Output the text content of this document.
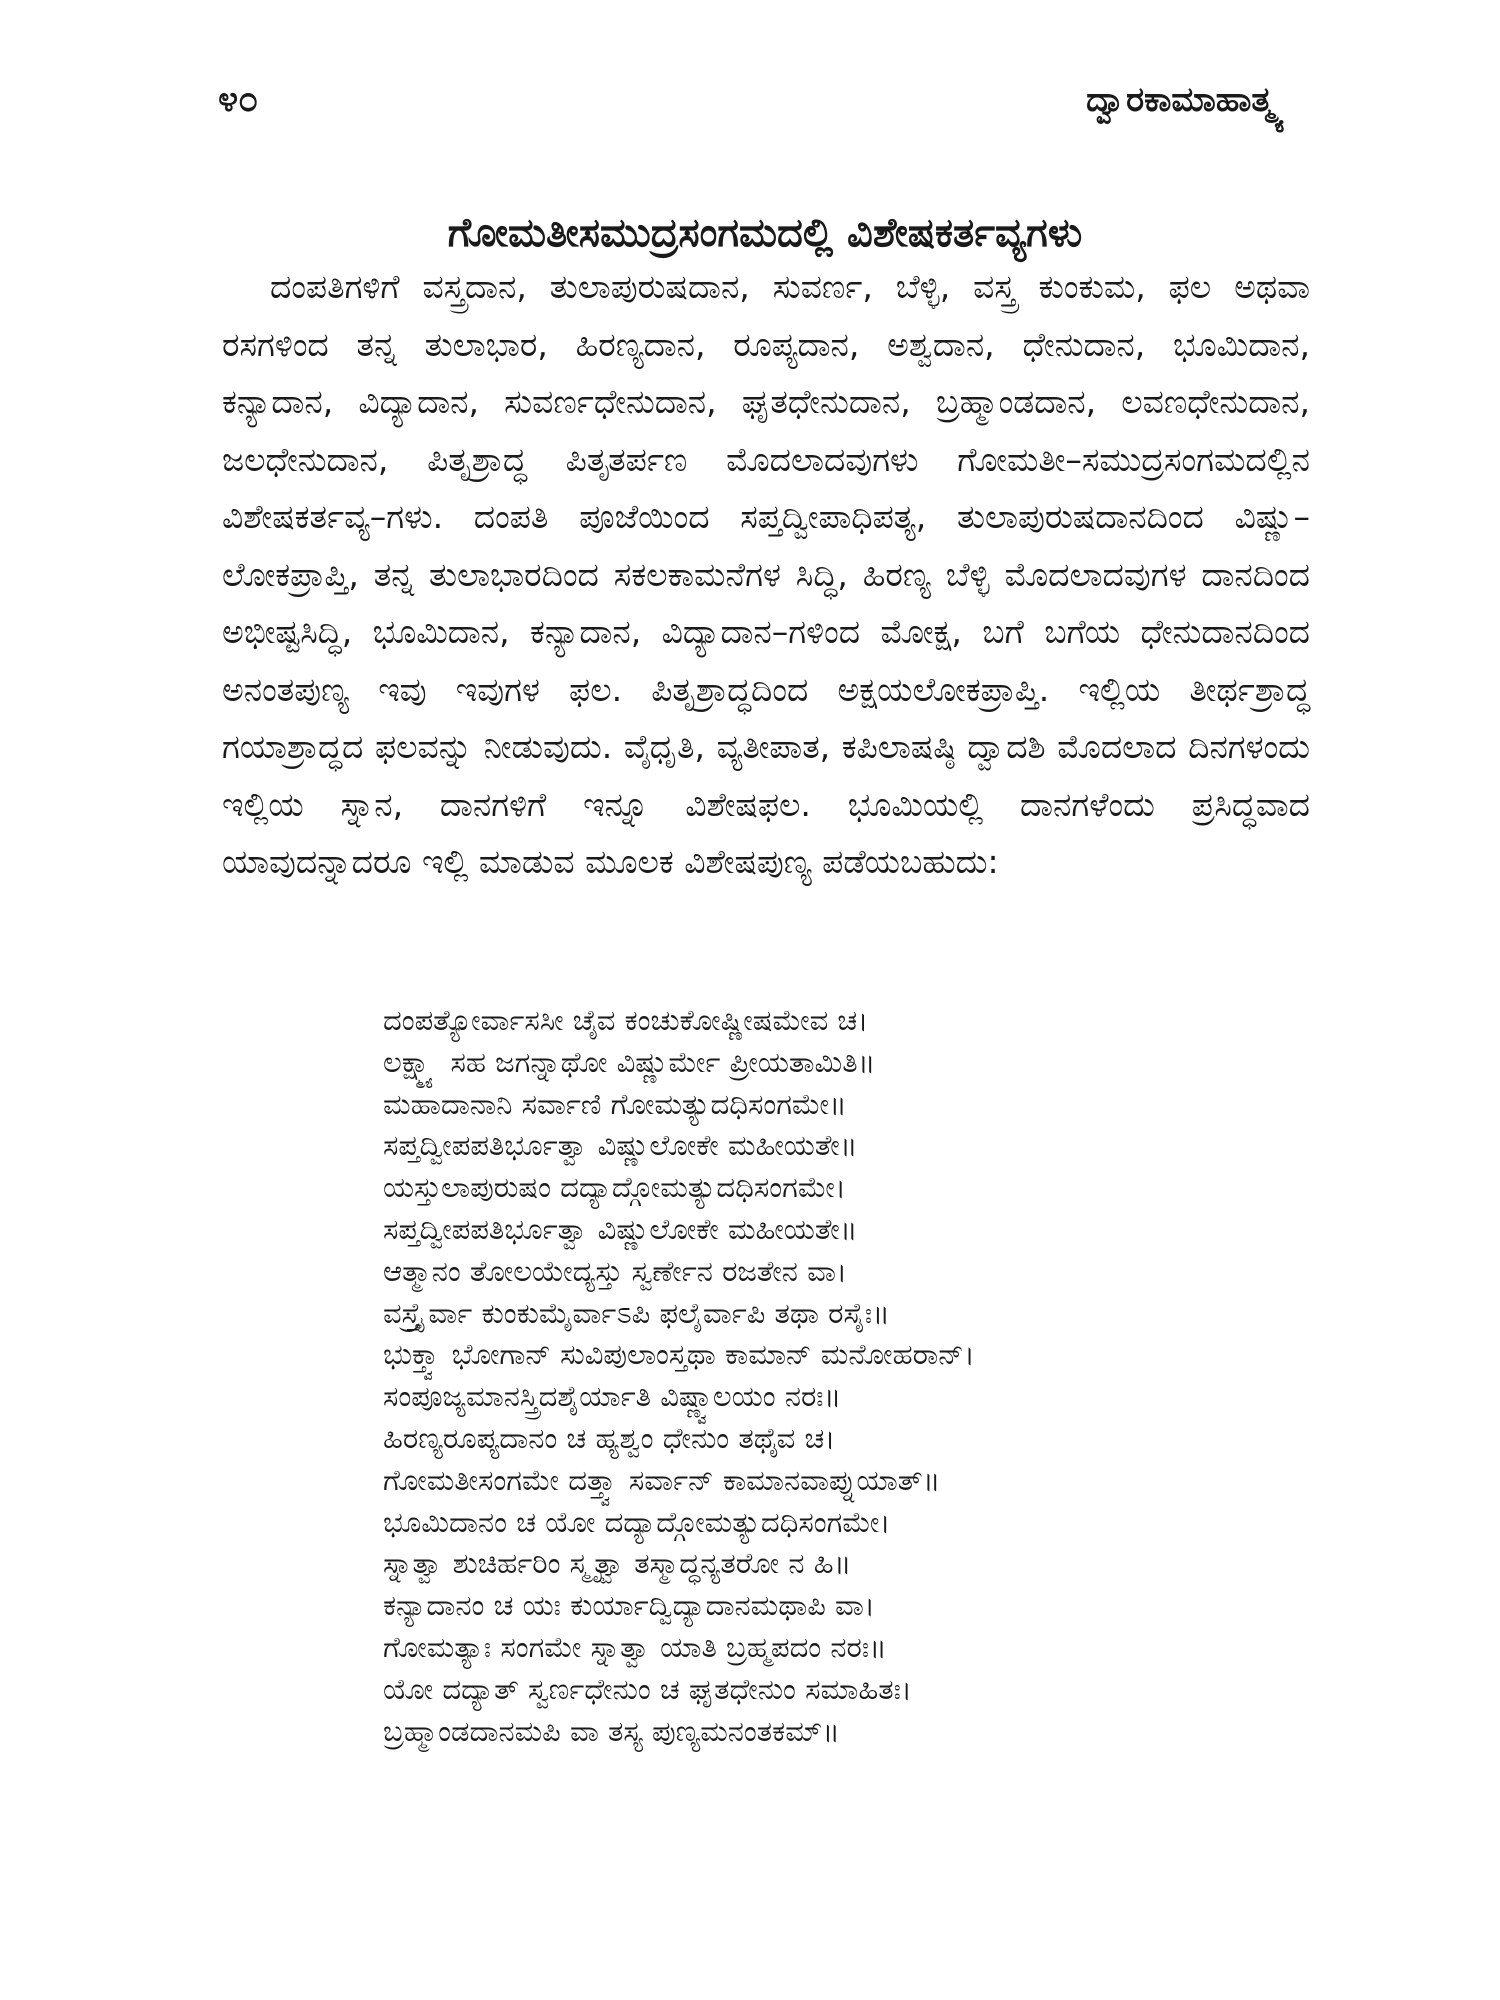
೪೦	ದ್ವಾರಕಾಮಾಹಾತ್ಮ್ಯ
ಗೋಮತೀಸಮುದ್ರಸಂಗಮದಲ್ಲಿ ವಿಶೇಷಕರ್ತವ್ಯಗಳು

ದಂಪತಿಗಳಿಗೆ ವಸ್ತ್ರದಾನ, ತುಲಾಪುರುಷದಾನ, ಸುವರ್ಣ, ಬೆಳ್ಳಿ, ವಸ್ತ್ರ ಕುಂಕುಮ, ಫಲ ಅಥವಾ ರಸಗಳಿಂದ ತನ್ನ ತುಲಾಭಾರ, ಹಿರಣ್ಯದಾನ, ರೂಪ್ಯದಾನ, ಅಶ್ವದಾನ, ಧೇನುದಾನ, ಭೂಮಿದಾನ, ಕನ್ಯಾದಾನ, ವಿದ್ಯಾದಾನ, ಸುವರ್ಣಧೇನುದಾನ, ಘೃತಧೇನುದಾನ, ಬ್ರಹ್ಮಾಂಡದಾನ, ಲವಣಧೇನುದಾನ, ಜಲಧೇನುದಾನ, ಪಿತೃಶ್ರಾದ್ಧ ಪಿತೃತರ್ಪಣ ಮೊದಲಾದವುಗಳು ಗೋಮತೀ–ಸಮುದ್ರಸಂಗಮದಲ್ಲಿನ ವಿಶೇಷಕರ್ತವ್ಯ–ಗಳು. ದಂಪತಿ ಪೂಜೆಯಿಂದ ಸಪ್ತದ್ವೀಪಾಧಿಪತ್ಯ, ತುಲಾಪುರುಷದಾನದಿಂದ ವಿಷ್ಣು–ಲೋಕಪ್ರಾಪ್ತಿ, ತನ್ನ ತುಲಾಭಾರದಿಂದ ಸಕಲಕಾಮನೆಗಳ ಸಿದ್ಧಿ, ಹಿರಣ್ಯ ಬೆಳ್ಳಿ ಮೊದಲಾದವುಗಳ ದಾನದಿಂದ ಅಭೀಷ್ಟಸಿದ್ಧಿ, ಭೂಮಿದಾನ, ಕನ್ಯಾದಾನ, ವಿದ್ಯಾದಾನ–ಗಳಿಂದ ಮೋಕ್ಷ, ಬಗೆ ಬಗೆಯ ಧೇನುದಾನದಿಂದ ಅನಂತಪುಣ್ಯ ಇವು ಇವುಗಳ ಫಲ. ಪಿತೃಶ್ರಾದ್ಧದಿಂದ ಅಕ್ಷಯಲೋಕಪ್ರಾಪ್ತಿ. ಇಲ್ಲಿಯ ತೀರ್ಥಶ್ರಾದ್ಧ ಗಯಾಶ್ರಾದ್ಧದ ಫಲವನ್ನು ನೀಡುವುದು. ವೈಧೃತಿ, ವ್ಯತೀಪಾತ, ಕಪಿಲಾಷಷ್ಠಿ ದ್ವಾದಶಿ ಮೊದಲಾದ ದಿನಗಳಂದು ಇಲ್ಲಿಯ ಸ್ನಾನ, ದಾನಗಳಿಗೆ ಇನ್ನೂ ವಿಶೇಷಫಲ. ಭೂಮಿಯಲ್ಲಿ ದಾನಗಳೆಂದು ಪ್ರಸಿದ್ಧವಾದ ಯಾವುದನ್ನಾದರೂ ಇಲ್ಲಿ ಮಾಡುವ ಮೂಲಕ ವಿಶೇಷಪುಣ್ಯ ಪಡೆಯಬಹುದು:

ದಂಪತ್ಯೋರ್ವಾಸಸೀ ಚೈವ ಕಂಚುಕೋಷ್ಣೀಷಮೇವ ಚ।
ಲಕ್ಷ್ಮ್ಯಾ ಸಹ ಜಗನ್ನಾಥೋ ವಿಷ್ಣುರ್ಮೇ ಪ್ರೀಯತಾಮಿತಿ॥
ಮಹಾದಾನಾನಿ ಸರ್ವಾಣಿ ಗೋಮತ್ಯುದಧಿಸಂಗಮೇ॥
ಸಪ್ತದ್ವೀಪಪತಿರ್ಭೂತ್ವಾ ವಿಷ್ಣುಲೋಕೇ ಮಹೀಯತೇ॥
ಯಸ್ತುಲಾಪುರುಷಂ ದದ್ಯಾದ್ಗೋಮತ್ಯುದಧಿಸಂಗಮೇ।
ಸಪ್ತದ್ವೀಪಪತಿರ್ಭೂತ್ವಾ ವಿಷ್ಣುಲೋಕೇ ಮಹೀಯತೇ॥
ಆತ್ಮಾನಂ ತೋಲಯೇದ್ಯಸ್ತು ಸ್ವರ್ಣೇನ ರಜತೇನ ವಾ।
ವಸ್ತ್ರೈರ್ವಾ ಕುಂಕುಮೈರ್ವಾಽಪಿ ಫಲೈರ್ವಾಪಿ ತಥಾ ರಸೈಃ॥
ಭುಕ್ತ್ವಾ ಭೋಗಾನ್ ಸುವಿಪುಲಾಂಸ್ತಥಾ ಕಾಮಾನ್ ಮನೋಹರಾನ್।
ಸಂಪೂಜ್ಯಮಾನಸ್ತ್ರಿದಶೈರ್ಯಾತಿ ವಿಷ್ಣ್ವಾಲಯಂ ನರಃ॥
ಹಿರಣ್ಯರೂಪ್ಯದಾನಂ ಚ ಹ್ಯಶ್ವಂ ಧೇನುಂ ತಥೈವ ಚ।
ಗೋಮತೀಸಂಗಮೇ ದತ್ತ್ವಾ ಸರ್ವಾನ್ ಕಾಮಾನವಾಪ್ನುಯಾತ್॥
ಭೂಮಿದಾನಂ ಚ ಯೋ ದದ್ಯಾದ್ಗೋಮತ್ಯುದಧಿಸಂಗಮೇ।
ಸ್ನಾತ್ವಾ ಶುಚಿರ್ಹರಿಂ ಸ್ಮೃತ್ವಾ ತಸ್ಮಾದ್ಧನ್ಯತರೋ ನ ಹಿ॥
ಕನ್ಯಾದಾನಂ ಚ ಯಃ ಕುರ್ಯಾದ್ವಿದ್ಯಾದಾನಮಥಾಪಿ ವಾ।
ಗೋಮತ್ಯಾಃ ಸಂಗಮೇ ಸ್ನಾತ್ವಾ ಯಾತಿ ಬ್ರಹ್ಮಪದಂ ನರಃ॥
ಯೋ ದದ್ಯಾತ್ ಸ್ವರ್ಣಧೇನುಂ ಚ ಘೃತಧೇನುಂ ಸಮಾಹಿತಃ।
ಬ್ರಹ್ಮಾಂಡದಾನಮಪಿ ವಾ ತಸ್ಯ ಪುಣ್ಯಮನಂತಕಮ್॥
